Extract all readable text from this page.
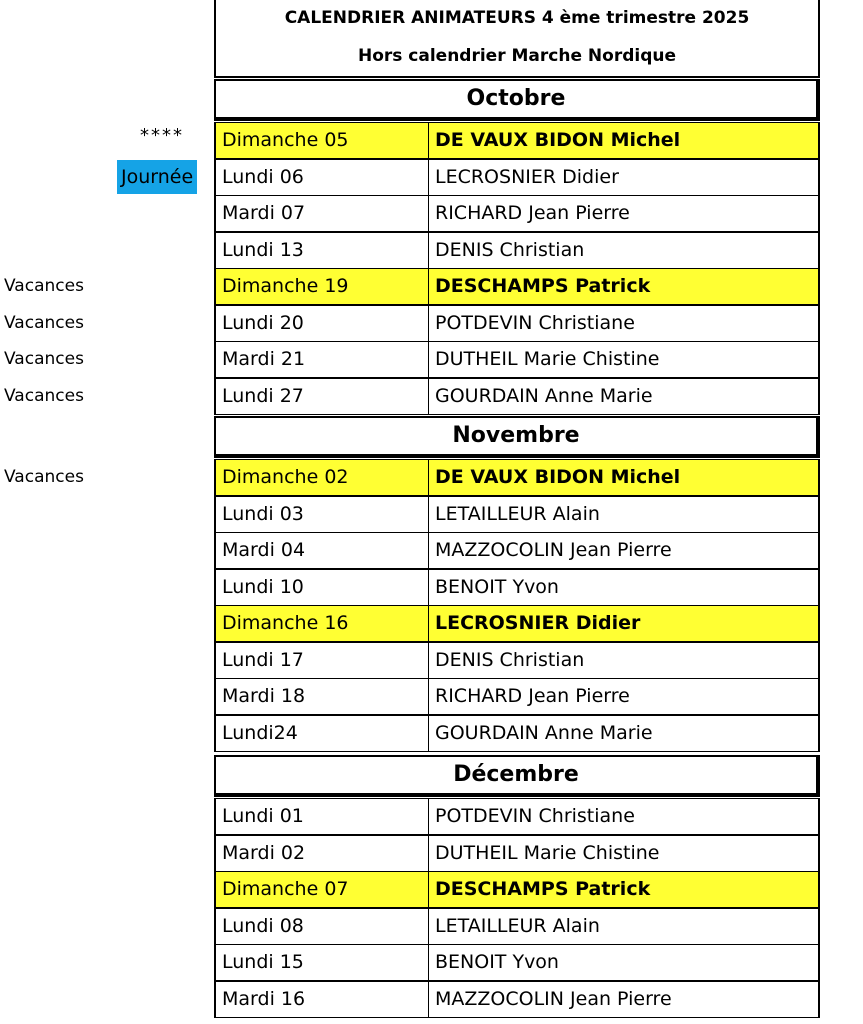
CALENDRIER ANIMATEURS 4 ème trimestre 2025
Hors calendrier Marche Nordique
Octobre
Dimanche 05	DE VAUX BIDON Michel
****
Lundi 06	LECROSNIER Didier
Journée
Mardi 07	RICHARD Jean Pierre
Lundi 13	DENIS Christian
Dimanche 19	DESCHAMPS Patrick
Vacances
Lundi 20	POTDEVIN Christiane
Vacances
Mardi 21	DUTHEIL Marie Chistine
Vacances
Lundi 27	GOURDAIN Anne Marie
Vacances
Novembre
Dimanche 02	DE VAUX BIDON Michel
Vacances
Lundi 03	LETAILLEUR Alain
Mardi 04	MAZZOCOLIN Jean Pierre
Lundi 10	BENOIT Yvon
Dimanche 16	LECROSNIER Didier
Lundi 17	DENIS Christian
Mardi 18	RICHARD Jean Pierre
Lundi24	GOURDAIN Anne Marie
Décembre
Lundi 01	POTDEVIN Christiane
Mardi 02	DUTHEIL Marie Chistine
Dimanche 07	DESCHAMPS Patrick
Lundi 08	LETAILLEUR Alain
Lundi 15	BENOIT Yvon
Mardi 16	MAZZOCOLIN Jean Pierre
